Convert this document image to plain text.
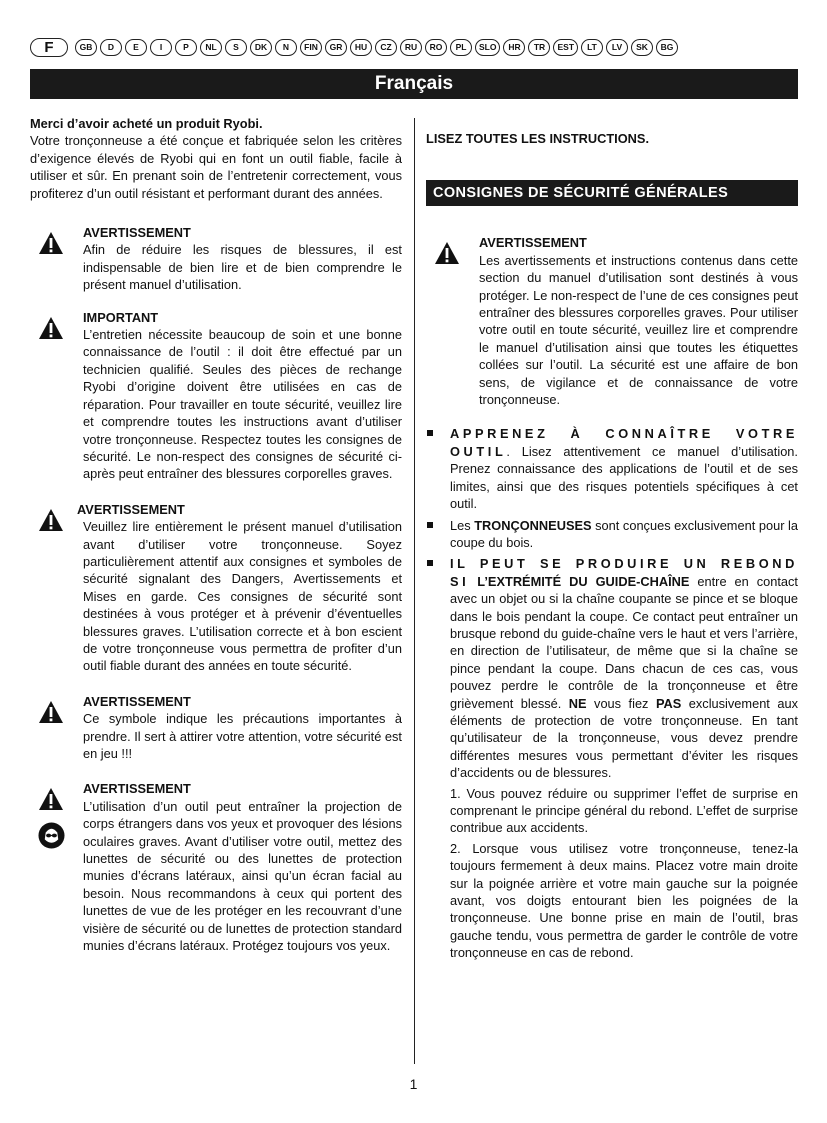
F	GB	D	E	I	P	NL	S	DK	N	FIN	GR	HU	CZ	RU	RO	PL	SLO	HR	TR	EST	LT	LV	SK	BG
Français

Merci d’avoir acheté un produit Ryobi.

Votre tronçonneuse a été conçue et fabriquée selon les critères d’exigence élevés de Ryobi qui en font un outil fiable, facile à utiliser et sûr. En prenant soin de l’entretenir correctement, vous profiterez d’un outil résistant et performant durant des années.

AVERTISSEMENT

Afin de réduire les risques de blessures, il est indispensable de bien lire et de bien comprendre le présent manuel d’utilisation.

IMPORTANT

L’entretien nécessite beaucoup de soin et une bonne connaissance de l’outil : il doit être effectué par un technicien qualifié. Seules des pièces de rechange Ryobi d’origine doivent être utilisées en cas de réparation. Pour travailler en toute sécurité, veuillez lire et comprendre toutes les instructions avant d’utiliser votre tronçonneuse. Respectez toutes les consignes de sécurité. Le non-respect des consignes de sécurité ci-après peut entraîner des blessures corporelles graves.

AVERTISSEMENT

Veuillez lire entièrement le présent manuel d’utilisation avant d’utiliser votre tronçonneuse. Soyez particulièrement attentif aux consignes et symboles de sécurité signalant des Dangers, Avertissements et Mises en garde. Ces consignes de sécurité sont destinées à vous protéger et à prévenir d’éventuelles blessures graves. L’utilisation correcte et à bon escient de votre tronçonneuse vous permettra de profiter d’un outil fiable durant des années en toute sécurité.

AVERTISSEMENT

Ce symbole indique les précautions importantes à prendre. Il sert à attirer votre attention, votre sécurité est en jeu !!!

AVERTISSEMENT

L’utilisation d’un outil peut entraîner la projection de corps étrangers dans vos yeux et provoquer des lésions oculaires graves. Avant d’utiliser votre outil, mettez des lunettes de sécurité ou des lunettes de protection munies d’écrans latéraux, ainsi qu’un écran facial au besoin. Nous recommandons à ceux qui portent des lunettes de vue de les protéger en les recouvrant d’une visière de sécurité ou de lunettes de protection standard munies d’écrans latéraux. Protégez toujours vos yeux.

LISEZ TOUTES LES INSTRUCTIONS.

CONSIGNES DE SÉCURITÉ GÉNÉRALES
AVERTISSEMENT

Les avertissements et instructions contenus dans cette section du manuel d’utilisation sont destinés à vous protéger. Le non-respect de l’une de ces consignes peut entraîner des blessures corporelles graves. Pour utiliser votre outil en toute sécurité, veuillez lire et comprendre le manuel d’utilisation ainsi que toutes les étiquettes collées sur l’outil. La sécurité est une affaire de bon sens, de vigilance et de connaissance de votre tronçonneuse.

APPRENEZ À CONNAÎTRE VOTRE OUTIL. Lisez attentivement ce manuel d’utilisation. Prenez connaissance des applications de l’outil et de ses limites, ainsi que des risques potentiels spécifiques à cet outil.

Les TRONÇONNEUSES sont conçues exclusivement pour la coupe du bois.

IL PEUT SE PRODUIRE UN REBOND SI L’EXTRÉMITÉ DU GUIDE-CHAÎNE entre en contact avec un objet ou si la chaîne coupante se pince et se bloque dans le bois pendant la coupe. Ce contact peut entraîner un brusque rebond du guide-chaîne vers le haut et vers l’arrière, en direction de l’utilisateur, de même que si la chaîne se pince pendant la coupe. Dans chacun de ces cas, vous pouvez perdre le contrôle de la tronçonneuse et être grièvement blessé. NE vous fiez PAS exclusivement aux éléments de protection de votre tronçonneuse. En tant qu’utilisateur de la tronçonneuse, vous devez prendre différentes mesures vous permettant d’éviter les risques d’accidents ou de blessures.

1. Vous pouvez réduire ou supprimer l’effet de surprise en comprenant le principe général du rebond. L’effet de surprise contribue aux accidents.

2. Lorsque vous utilisez votre tronçonneuse, tenez-la toujours fermement à deux mains. Placez votre main droite sur la poignée arrière et votre main gauche sur la poignée avant, vos doigts entourant bien les poignées de la tronçonneuse. Une bonne prise en main de l’outil, bras gauche tendu, vous permettra de garder le contrôle de votre tronçonneuse en cas de rebond.

1
